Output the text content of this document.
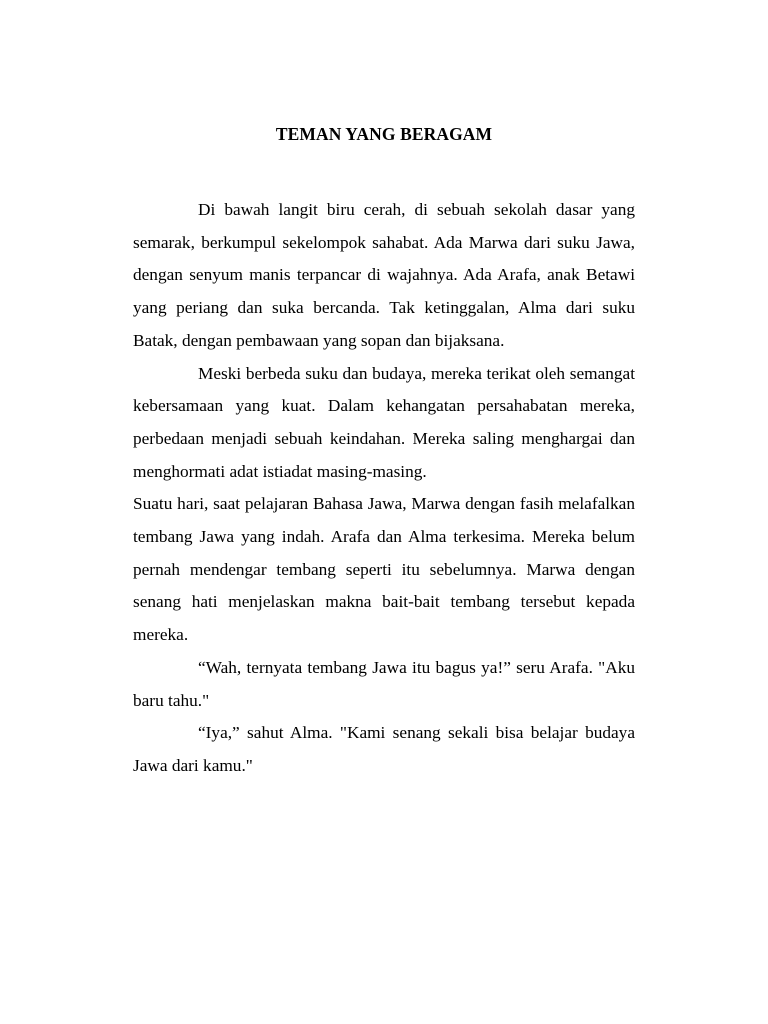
TEMAN YANG BERAGAM

Di bawah langit biru cerah, di sebuah sekolah dasar yang semarak, berkumpul sekelompok sahabat. Ada Marwa dari suku Jawa, dengan senyum manis terpancar di wajahnya. Ada Arafa, anak Betawi yang periang dan suka bercanda. Tak ketinggalan, Alma dari suku Batak, dengan pembawaan yang sopan dan bijaksana.

Meski berbeda suku dan budaya, mereka terikat oleh semangat kebersamaan yang kuat. Dalam kehangatan persahabatan mereka, perbedaan menjadi sebuah keindahan. Mereka saling menghargai dan menghormati adat istiadat masing-masing.

Suatu hari, saat pelajaran Bahasa Jawa, Marwa dengan fasih melafalkan tembang Jawa yang indah. Arafa dan Alma terkesima. Mereka belum pernah mendengar tembang seperti itu sebelumnya. Marwa dengan senang hati menjelaskan makna bait-bait tembang tersebut kepada mereka.

“Wah, ternyata tembang Jawa itu bagus ya!” seru Arafa. "Aku baru tahu."

“Iya,” sahut Alma. "Kami senang sekali bisa belajar budaya Jawa dari kamu."
